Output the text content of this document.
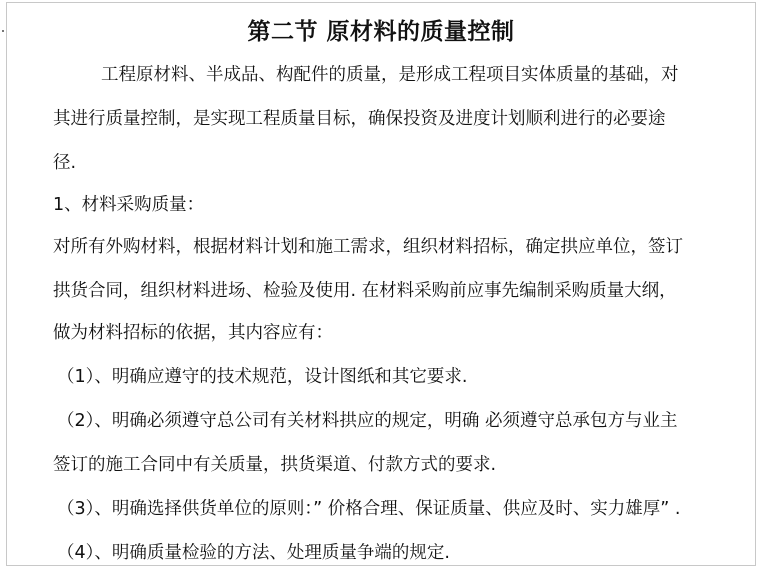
第二节 原材料的质量控制
工程原材料、半成品、构配件的质量，是形成工程项目实体质量的基础，对
其进行质量控制，是实现工程质量目标，确保投资及进度计划顺利进行的必要途
径.
1、材料采购质量：
对所有外购材料，根据材料计划和施工需求，组织材料招标，确定拱应单位，签订
拱货合同，组织材料进场、检验及使用. 在材料采购前应事先编制采购质量大纲，
做为材料招标的依据，其内容应有：
（1）、明确应遵守的技术规范，设计图纸和其它要求.
（2）、明确必须遵守总公司有关材料拱应的规定，明确 必须遵守总承包方与业主
签订的施工合同中有关质量，拱货渠道、付款方式的要求.
（3）、明确选择供货单位的原则：” 价格合理、保证质量、供应及时、实力雄厚” .
（4）、明确质量检验的方法、处理质量争端的规定.
